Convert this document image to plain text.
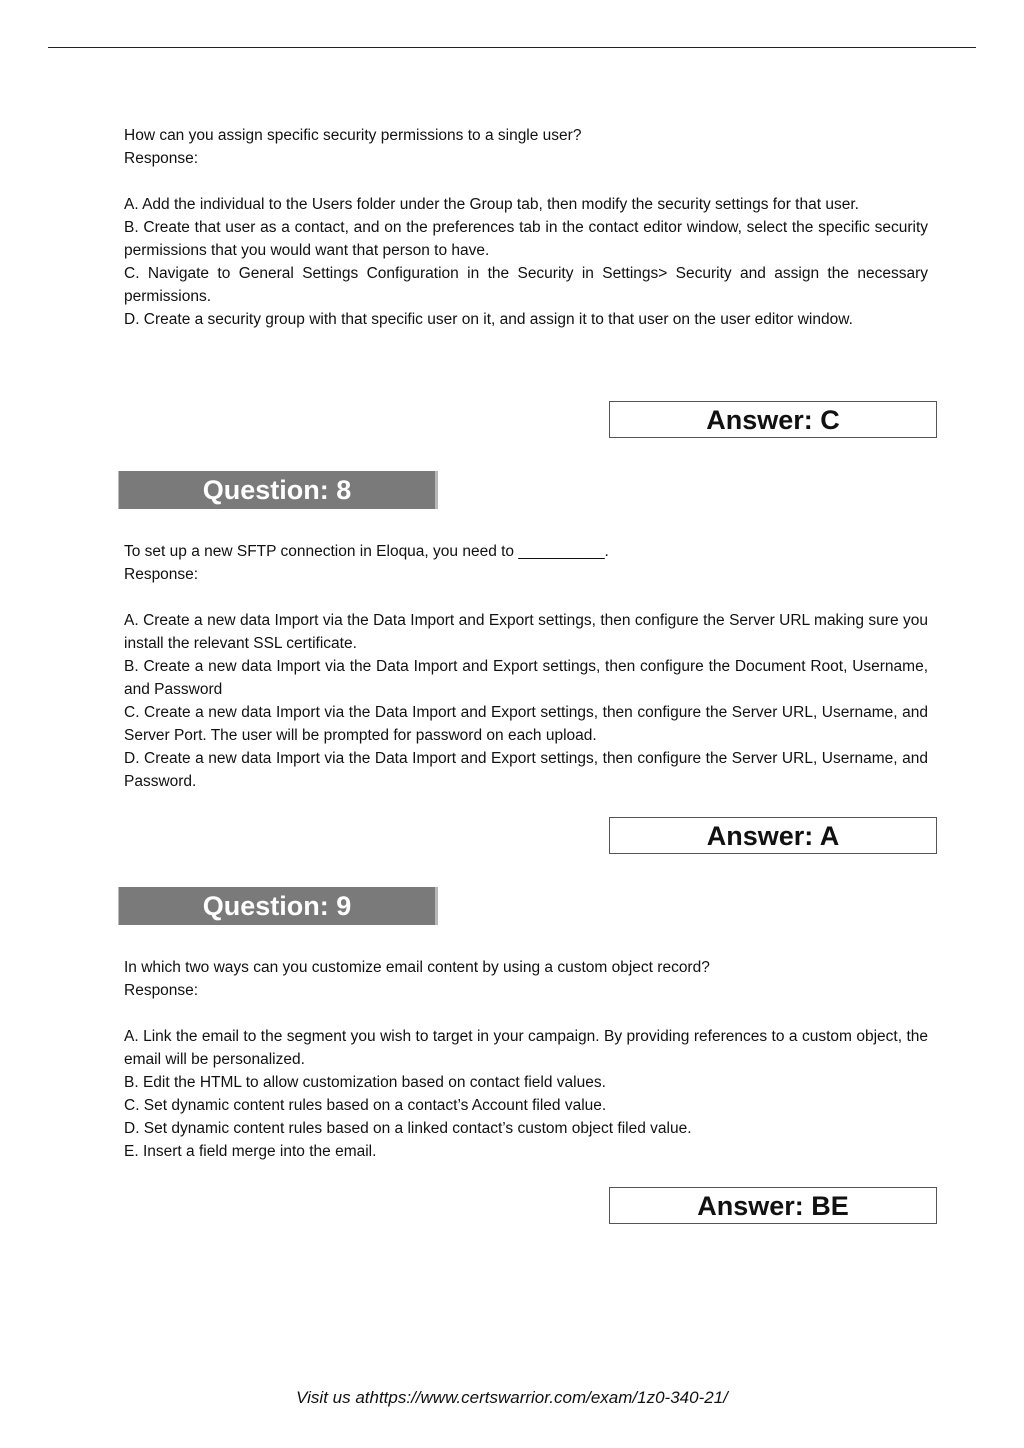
How can you assign specific security permissions to a single user?

Response:

A. Add the individual to the Users folder under the Group tab, then modify the security settings for that user.

B. Create that user as a contact, and on the preferences tab in the contact editor window, select the specific security permissions that you would want that person to have.

C. Navigate to General Settings Configuration in the Security in Settings> Security and assign the necessary permissions.

D. Create a security group with that specific user on it, and assign it to that user on the user editor window.

Answer: C
Question: 8

To set up a new SFTP connection in Eloqua, you need to __________.

Response:

A. Create a new data Import via the Data Import and Export settings, then configure the Server URL making sure you install the relevant SSL certificate.

B. Create a new data Import via the Data Import and Export settings, then configure the Document Root, Username, and Password

C. Create a new data Import via the Data Import and Export settings, then configure the Server URL, Username, and Server Port. The user will be prompted for password on each upload.

D. Create a new data Import via the Data Import and Export settings, then configure the Server URL, Username, and Password.

Answer: A
Question: 9

In which two ways can you customize email content by using a custom object record?

Response:

A. Link the email to the segment you wish to target in your campaign. By providing references to a custom object, the email will be personalized.

B. Edit the HTML to allow customization based on contact field values.

C. Set dynamic content rules based on a contact’s Account filed value.

D. Set dynamic content rules based on a linked contact’s custom object filed value.

E. Insert a field merge into the email.

Answer: BE
Visit us athttps://www.certswarrior.com/exam/1z0-340-21/
